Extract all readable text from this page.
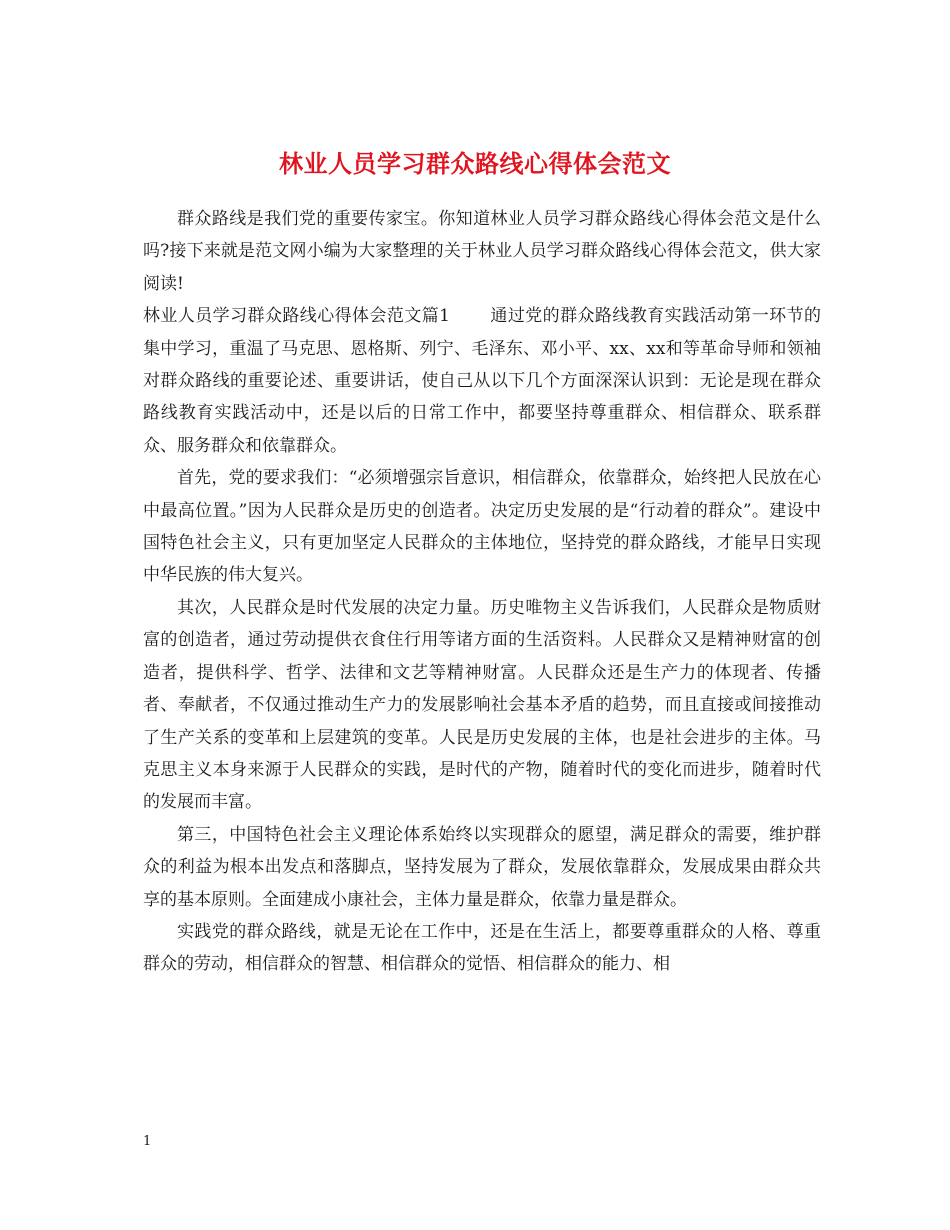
林业人员学习群众路线心得体会范文

群众路线是我们党的重要传家宝。你知道林业人员学习群众路线心得体会范文是什么吗?接下来就是范文网小编为大家整理的关于林业人员学习群众路线心得体会范文，供大家阅读!

林业人员学习群众路线心得体会范文篇1 通过党的群众路线教育实践活动第一环节的集中学习，重温了马克思、恩格斯、列宁、毛泽东、邓小平、xx、xx和等革命导师和领袖对群众路线的重要论述、重要讲话，使自己从以下几个方面深深认识到：无论是现在群众路线教育实践活动中，还是以后的日常工作中，都要坚持尊重群众、相信群众、联系群众、服务群众和依靠群众。

首先，党的要求我们：“必须增强宗旨意识，相信群众，依靠群众，始终把人民放在心中最高位置。”因为人民群众是历史的创造者。决定历史发展的是“行动着的群众”。建设中国特色社会主义，只有更加坚定人民群众的主体地位，坚持党的群众路线，才能早日实现中华民族的伟大复兴。

其次，人民群众是时代发展的决定力量。历史唯物主义告诉我们，人民群众是物质财富的创造者，通过劳动提供衣食住行用等诸方面的生活资料。人民群众又是精神财富的创造者，提供科学、哲学、法律和文艺等精神财富。人民群众还是生产力的体现者、传播者、奉献者，不仅通过推动生产力的发展影响社会基本矛盾的趋势，而且直接或间接推动了生产关系的变革和上层建筑的变革。人民是历史发展的主体，也是社会进步的主体。马克思主义本身来源于人民群众的实践，是时代的产物，随着时代的变化而进步，随着时代的发展而丰富。

第三，中国特色社会主义理论体系始终以实现群众的愿望，满足群众的需要，维护群众的利益为根本出发点和落脚点，坚持发展为了群众，发展依靠群众，发展成果由群众共享的基本原则。全面建成小康社会，主体力量是群众，依靠力量是群众。

实践党的群众路线，就是无论在工作中，还是在生活上，都要尊重群众的人格、尊重群众的劳动，相信群众的智慧、相信群众的觉悟、相信群众的能力、相

1
